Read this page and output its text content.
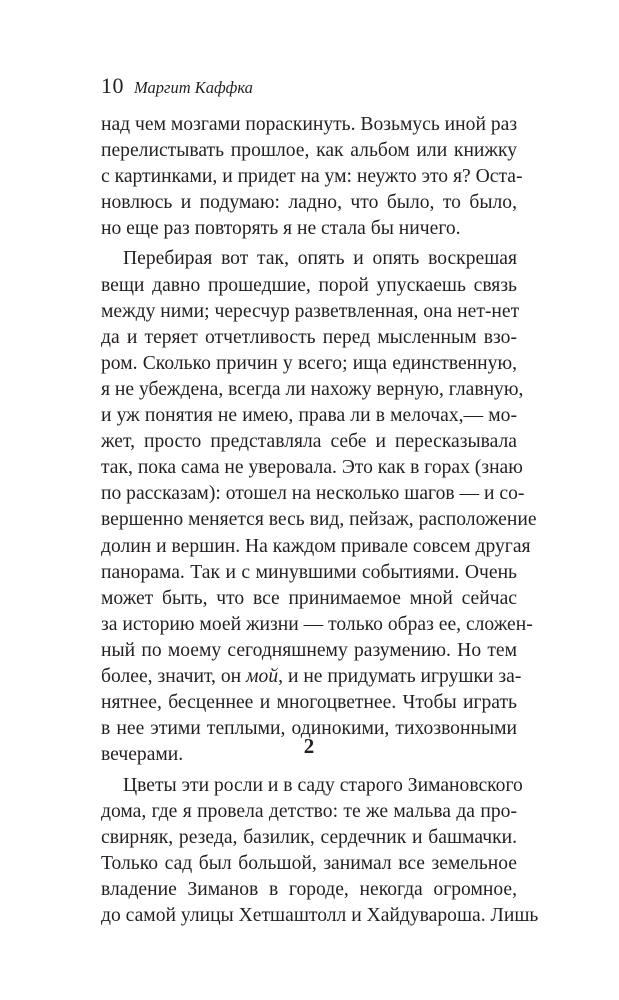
10 Маргит Каффка

над чем мозгами пораскинуть. Возьмусь иной раз
перелистывать прошлое, как альбом или книжку
с картинками, и придет на ум: неужто это я? Оста-
новлюсь и подумаю: ладно, что было, то было,
но еще раз повторять я не стала бы ничего.

Перебирая вот так, опять и опять воскрешая
вещи давно прошедшие, порой упускаешь связь
между ними; чересчур разветвленная, она нет-нет
да и теряет отчетливость перед мысленным взо-
ром. Сколько причин у всего; ища единственную,
я не убеждена, всегда ли нахожу верную, главную,
и уж понятия не имею, права ли в мелочах,— мо-
жет, просто представляла себе и пересказывала
так, пока сама не уверовала. Это как в горах (знаю
по рассказам): отошел на несколько шагов — и со-
вершенно меняется весь вид, пейзаж, расположение
долин и вершин. На каждом привале совсем другая
панорама. Так и с минувшими событиями. Очень
может быть, что все принимаемое мной сейчас
за историю моей жизни — только образ ее, сложен-
ный по моему сегодняшнему разумению. Но тем
более, значит, он мой, и не придумать игрушки за-
нятнее, бесценнее и многоцветнее. Чтобы играть
в нее этими теплыми, одинокими, тихозвонными
вечерами.	2

Цветы эти росли и в саду старого Зимановского
дома, где я провела детство: те же мальва да про-
свирняк, резеда, базилик, сердечник и башмачки.
Только сад был большой, занимал все земельное
владение Зиманов в городе, некогда огромное,
до самой улицы Хетшаштолл и Хайдувароша. Лишь
